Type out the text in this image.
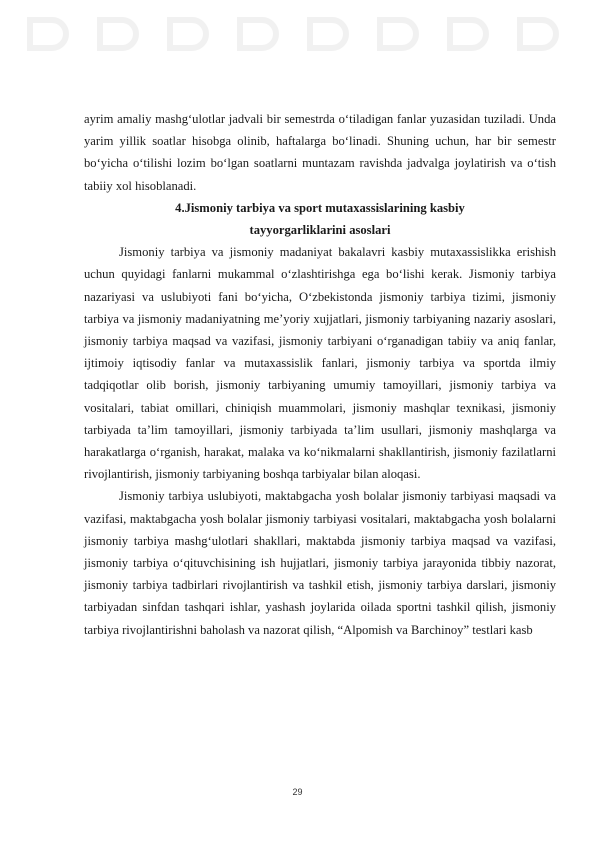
ayrim amaliy mashg‘ulotlar jadvali bir semestrda o‘tiladigan fanlar yuzasidan tuziladi. Unda yarim yillik soatlar hisobga olinib, haftalarga bo‘linadi. Shuning uchun, har bir semestr bo‘yicha o‘tilishi lozim bo‘lgan soatlarni muntazam ravishda jadvalga joylatirish va o‘tish tabiiy xol hisoblanadi.

4.Jismoniy tarbiya va sport mutaxassislarining kasbiy

tayyorgarliklarini asoslari

Jismoniy tarbiya va jismoniy madaniyat bakalavri kasbiy mutaxassislikka erishish uchun quyidagi fanlarni mukammal o‘zlashtirishga ega bo‘lishi kerak. Jismoniy tarbiya nazariyasi va uslubiyoti fani bo‘yicha, O‘zbekistonda jismoniy tarbiya tizimi, jismoniy tarbiya va jismoniy madaniyatning me’yoriy xujjatlari, jismoniy tarbiyaning nazariy asoslari, jismoniy tarbiya maqsad va vazifasi, jismoniy tarbiyani o‘rganadigan tabiiy va aniq fanlar, ijtimoiy iqtisodiy fanlar va mutaxassislik fanlari, jismoniy tarbiya va sportda ilmiy tadqiqotlar olib borish, jismoniy tarbiyaning umumiy tamoyillari, jismoniy tarbiya va vositalari, tabiat omillari, chiniqish muammolari, jismoniy mashqlar texnikasi, jismoniy tarbiyada ta’lim tamoyillari, jismoniy tarbiyada ta’lim usullari, jismoniy mashqlarga va harakatlarga o‘rganish, harakat, malaka va ko‘nikmalarni shakllantirish, jismoniy fazilatlarni rivojlantirish, jismoniy tarbiyaning boshqa tarbiyalar bilan aloqasi.

Jismoniy tarbiya uslubiyoti, maktabgacha yosh bolalar jismoniy tarbiyasi maqsadi va vazifasi, maktabgacha yosh bolalar jismoniy tarbiyasi vositalari, maktabgacha yosh bolalarni jismoniy tarbiya mashg‘ulotlari shakllari, maktabda jismoniy tarbiya maqsad va vazifasi, jismoniy tarbiya o‘qituvchisining ish hujjatlari, jismoniy tarbiya jarayonida tibbiy nazorat, jismoniy tarbiya tadbirlari rivojlantirish va tashkil etish, jismoniy tarbiya darslari, jismoniy tarbiyadan sinfdan tashqari ishlar, yashash joylarida oilada sportni tashkil qilish, jismoniy tarbiya rivojlantirishni baholash va nazorat qilish, “Alpomish va Barchinoy” testlari kasb

29
